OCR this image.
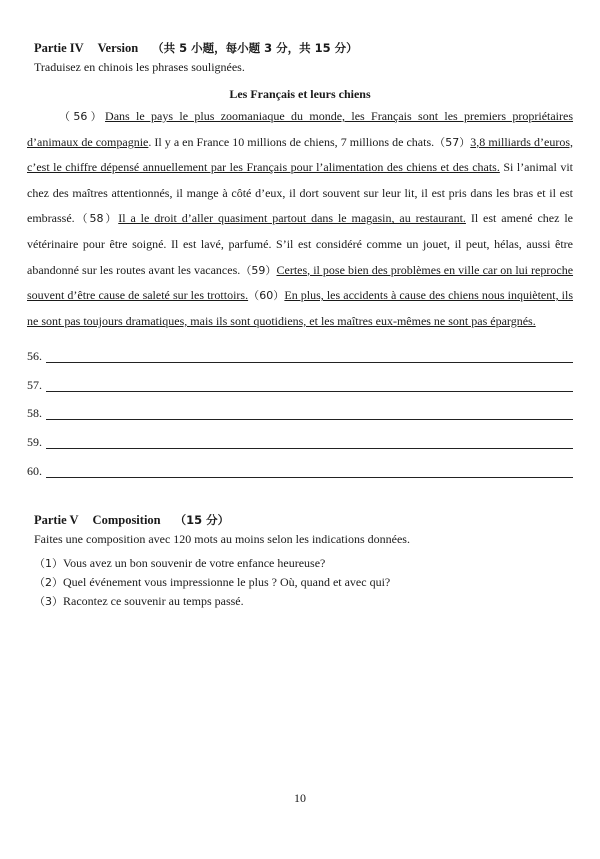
Partie IV Version （共 5 小题，每小题 3 分，共 15 分）
Traduisez en chinois les phrases soulignées.
Les Français et leurs chiens

（56）Dans le pays le plus zoomaniaque du monde, les Français sont les premiers propriétaires d’animaux de compagnie. Il y a en France 10 millions de chiens, 7 millions de chats.（57）3,8 milliards d’euros, c’est le chiffre dépensé annuellement par les Français pour l’alimentation des chiens et des chats. Si l’animal vit chez des maîtres attentionnés, il mange à côté d’eux, il dort souvent sur leur lit, il est pris dans les bras et il est embrassé.（58）Il a le droit d’aller quasiment partout dans le magasin, au restaurant. Il est amené chez le vétérinaire pour être soigné. Il est lavé, parfumé. S’il est considéré comme un jouet, il peut, hélas, aussi être abandonné sur les routes avant les vacances.（59）Certes, il pose bien des problèmes en ville car on lui reproche souvent d’être cause de saleté sur les trottoirs.（60）En plus, les accidents à cause des chiens nous inquiètent, ils ne sont pas toujours dramatiques, mais ils sont quotidiens, et les maîtres eux-mêmes ne sont pas épargnés.

56.
57.
58.
59.
60.
Partie V Composition （15 分）
Faites une composition avec 120 mots au moins selon les indications données.
（1）Vous avez un bon souvenir de votre enfance heureuse?
（2）Quel événement vous impressionne le plus ? Où, quand et avec qui?
（3）Racontez ce souvenir au temps passé.
10
